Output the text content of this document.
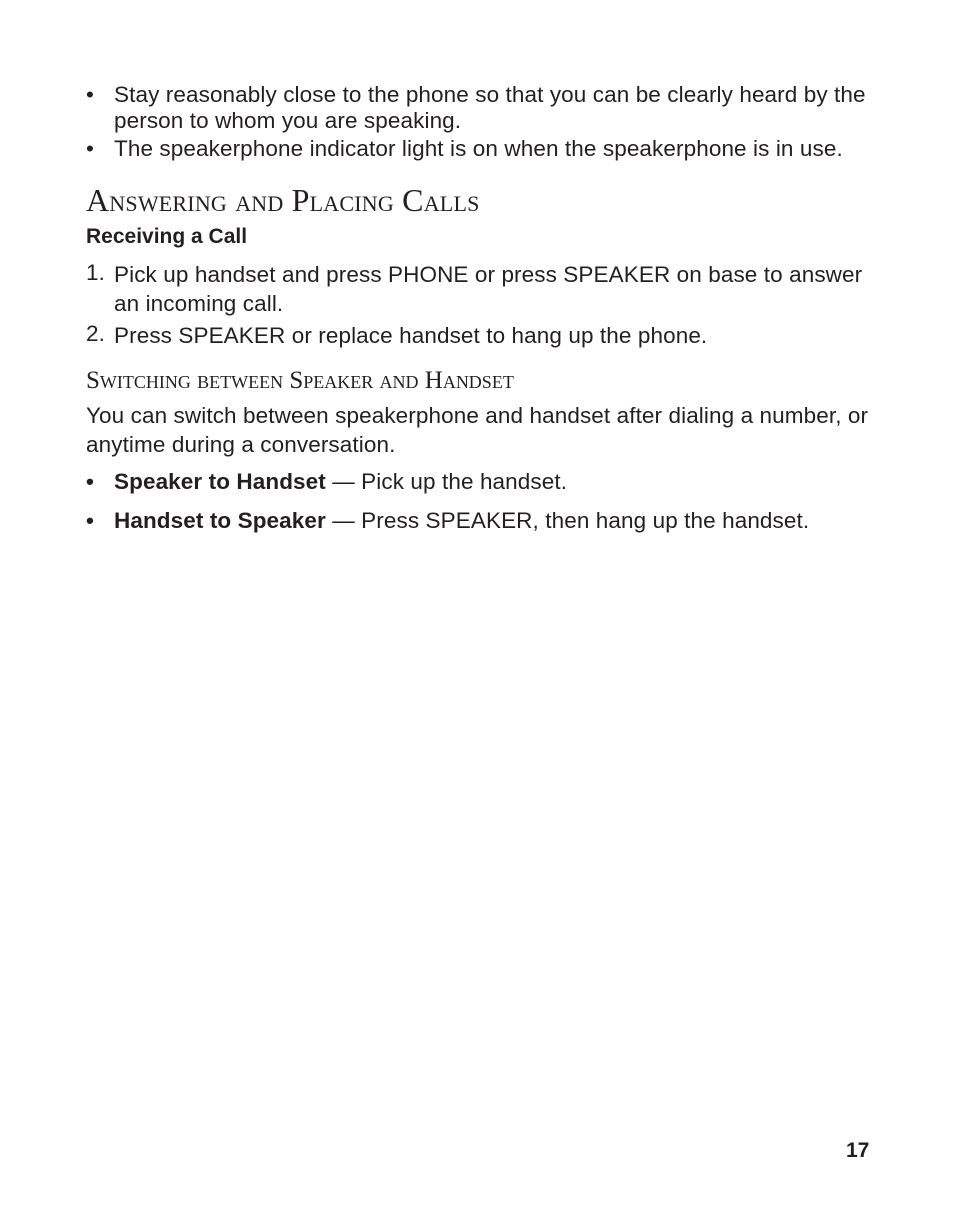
• Stay reasonably close to the phone so that you can be clearly heard by the person to whom you are speaking.
• The speakerphone indicator light is on when the speakerphone is in use.
Answering and Placing Calls
Receiving a Call
1. Pick up handset and press PHONE or press SPEAKER on base to answer an incoming call.
2. Press SPEAKER or replace handset to hang up the phone.
Switching between Speaker and Handset
You can switch between speakerphone and handset after dialing a number, or anytime during a conversation.
• Speaker to Handset — Pick up the handset.
• Handset to Speaker — Press SPEAKER, then hang up the handset.
17
